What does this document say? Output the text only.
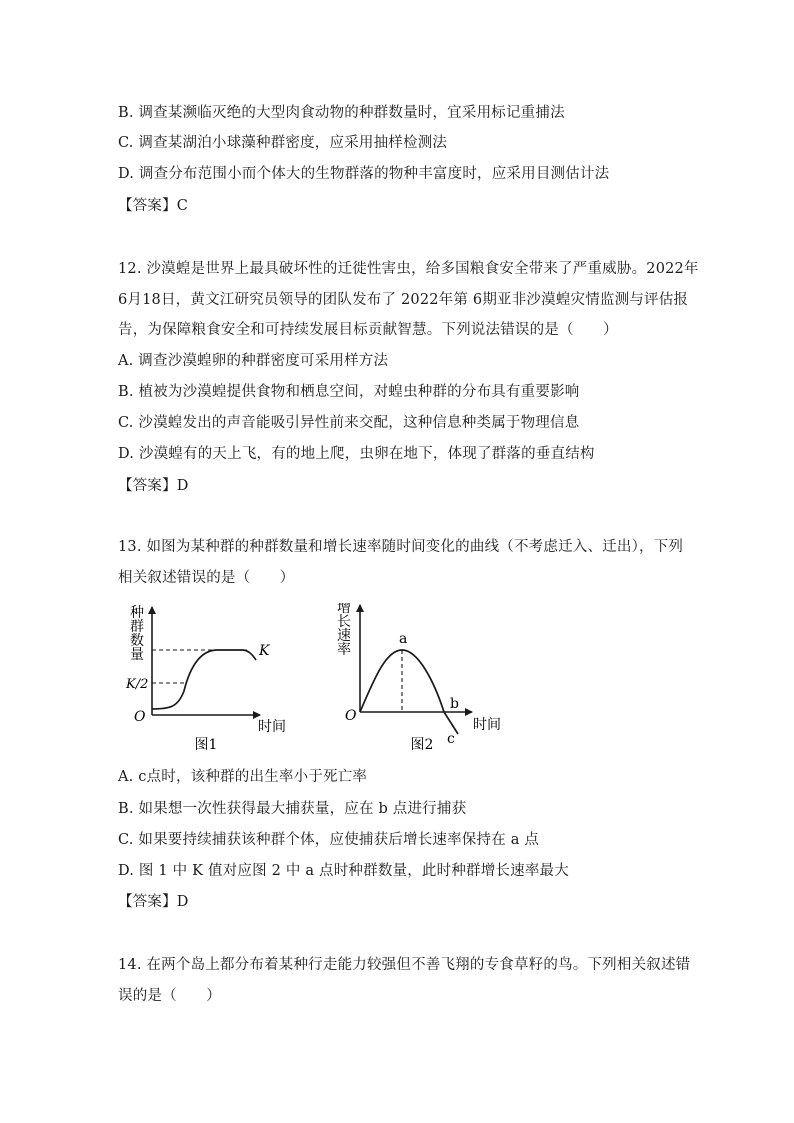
B. 调查某濒临灭绝的大型肉食动物的种群数量时，宜采用标记重捕法
C. 调查某湖泊小球藻种群密度，应采用抽样检测法
D. 调查分布范围小而个体大的生物群落的物种丰富度时，应采用目测估计法
【答案】C
12. 沙漠蝗是世界上最具破坏性的迁徙性害虫，给多国粮食安全带来了严重威胁。2022年
6月18日，黄文江研究员领导的团队发布了 2022年第 6期亚非沙漠蝗灾情监测与评估报
告，为保障粮食安全和可持续发展目标贡献智慧。下列说法错误的是（　　）
A. 调查沙漠蝗卵的种群密度可采用样方法
B. 植被为沙漠蝗提供食物和栖息空间，对蝗虫种群的分布具有重要影响
C. 沙漠蝗发出的声音能吸引异性前来交配，这种信息种类属于物理信息
D. 沙漠蝗有的天上飞，有的地上爬，虫卵在地下，体现了群落的垂直结构
【答案】D
13. 如图为某种群的种群数量和增长速率随时间变化的曲线（不考虑迁入、迁出），下列
相关叙述错误的是（　　）
种
群
数
量	K
K/2
O
时间
图1
增
长
速
率
a
b
c
O
时间
图2
A. c点时，该种群的出生率小于死亡率
B. 如果想一次性获得最大捕获量，应在 b 点进行捕获
C. 如果要持续捕获该种群个体，应使捕获后增长速率保持在 a 点
D. 图 1 中 K 值对应图 2 中 a 点时种群数量，此时种群增长速率最大
【答案】D
14. 在两个岛上都分布着某种行走能力较强但不善飞翔的专食草籽的鸟。下列相关叙述错
误的是（　　）
